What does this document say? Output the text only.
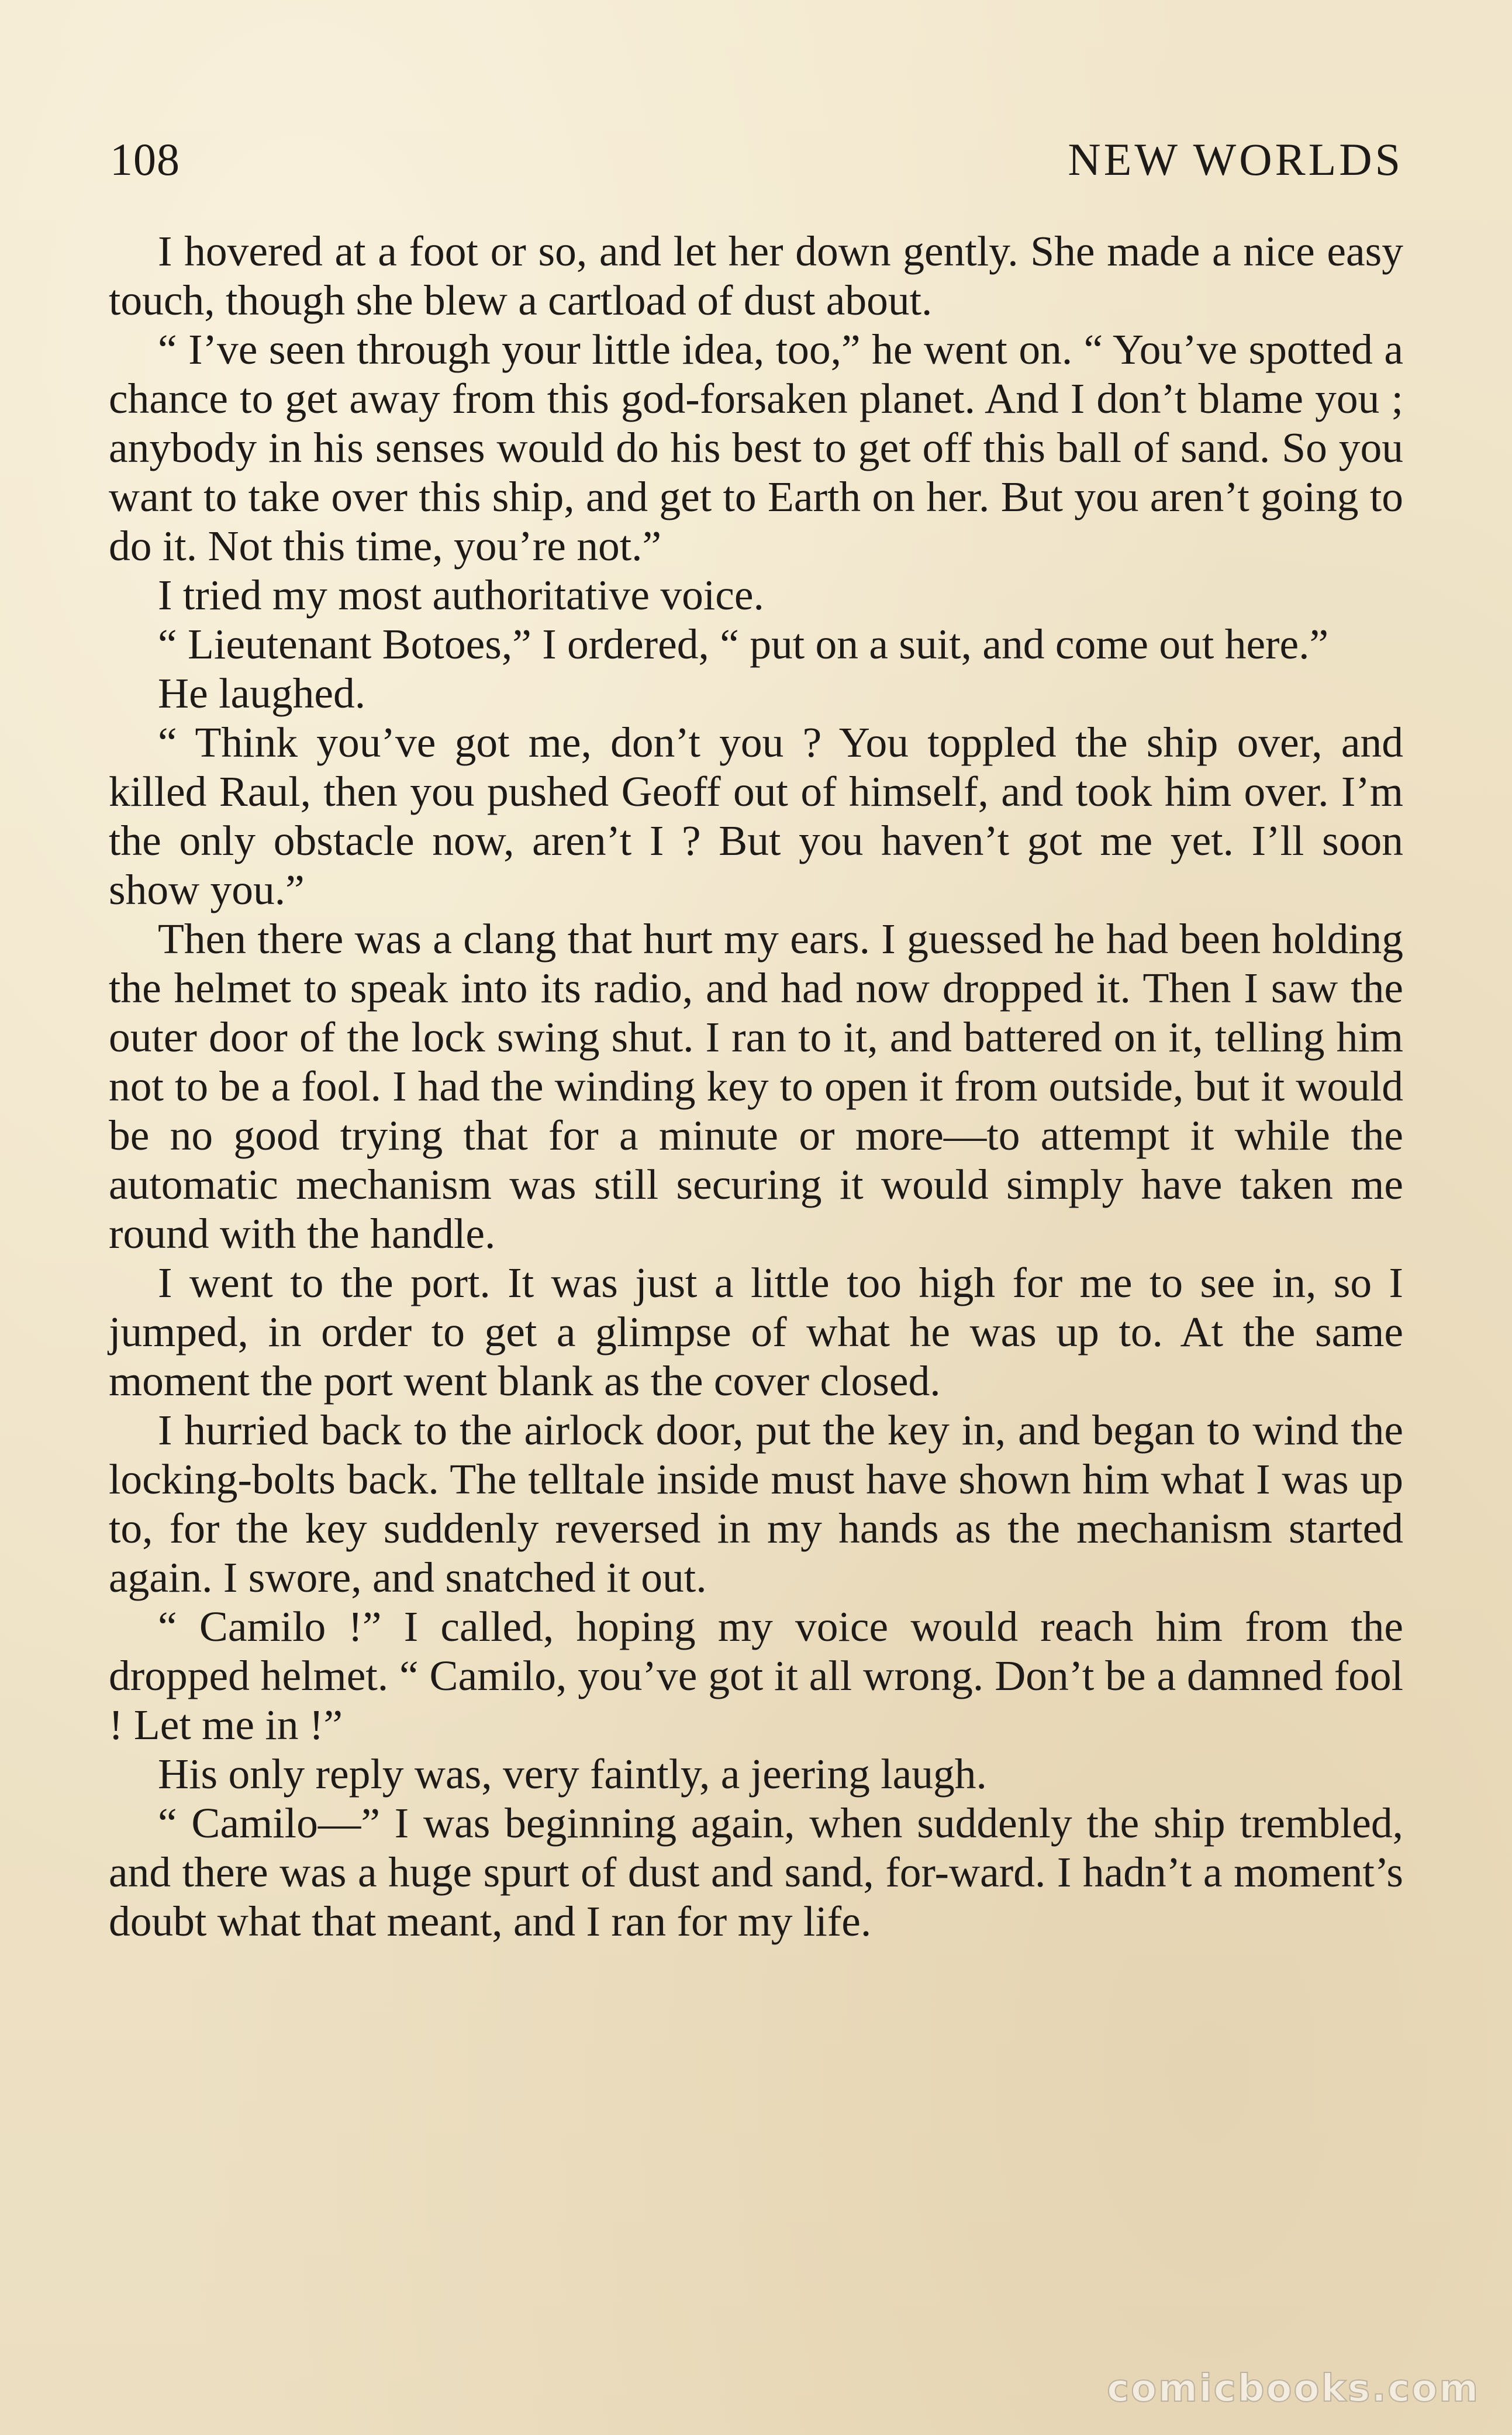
108	NEW WORLDS

I hovered at a foot or so, and let her down gently. She made a nice easy touch, though she blew a cartload of dust about.

“ I’ve seen through your little idea, too,” he went on. “ You’ve spotted a chance to get away from this god-forsaken planet. And I don’t blame you ; anybody in his senses would do his best to get off this ball of sand. So you want to take over this ship, and get to Earth on her. But you aren’t going to do it. Not this time, you’re not.”

I tried my most authoritative voice.

“ Lieutenant Botoes,” I ordered, “ put on a suit, and come out here.”

He laughed.

“ Think you’ve got me, don’t you ? You toppled the ship over, and killed Raul, then you pushed Geoff out of himself, and took him over. I’m the only obstacle now, aren’t I ? But you haven’t got me yet. I’ll soon show you.”

Then there was a clang that hurt my ears. I guessed he had been holding the helmet to speak into its radio, and had now dropped it. Then I saw the outer door of the lock swing shut. I ran to it, and battered on it, telling him not to be a fool. I had the winding key to open it from outside, but it would be no good trying that for a minute or more—to attempt it while the automatic mechanism was still securing it would simply have taken me round with the handle.

I went to the port. It was just a little too high for me to see in, so I jumped, in order to get a glimpse of what he was up to. At the same moment the port went blank as the cover closed.

I hurried back to the airlock door, put the key in, and began to wind the locking-bolts back. The telltale inside must have shown him what I was up to, for the key suddenly reversed in my hands as the mechanism started again. I swore, and snatched it out.

“ Camilo !” I called, hoping my voice would reach him from the dropped helmet. “ Camilo, you’ve got it all wrong. Don’t be a damned fool ! Let me in !”

His only reply was, very faintly, a jeering laugh.

“ Camilo—” I was beginning again, when suddenly the ship trembled, and there was a huge spurt of dust and sand, for-ward. I hadn’t a moment’s doubt what that meant, and I ran for my life.

comicbooks.com
